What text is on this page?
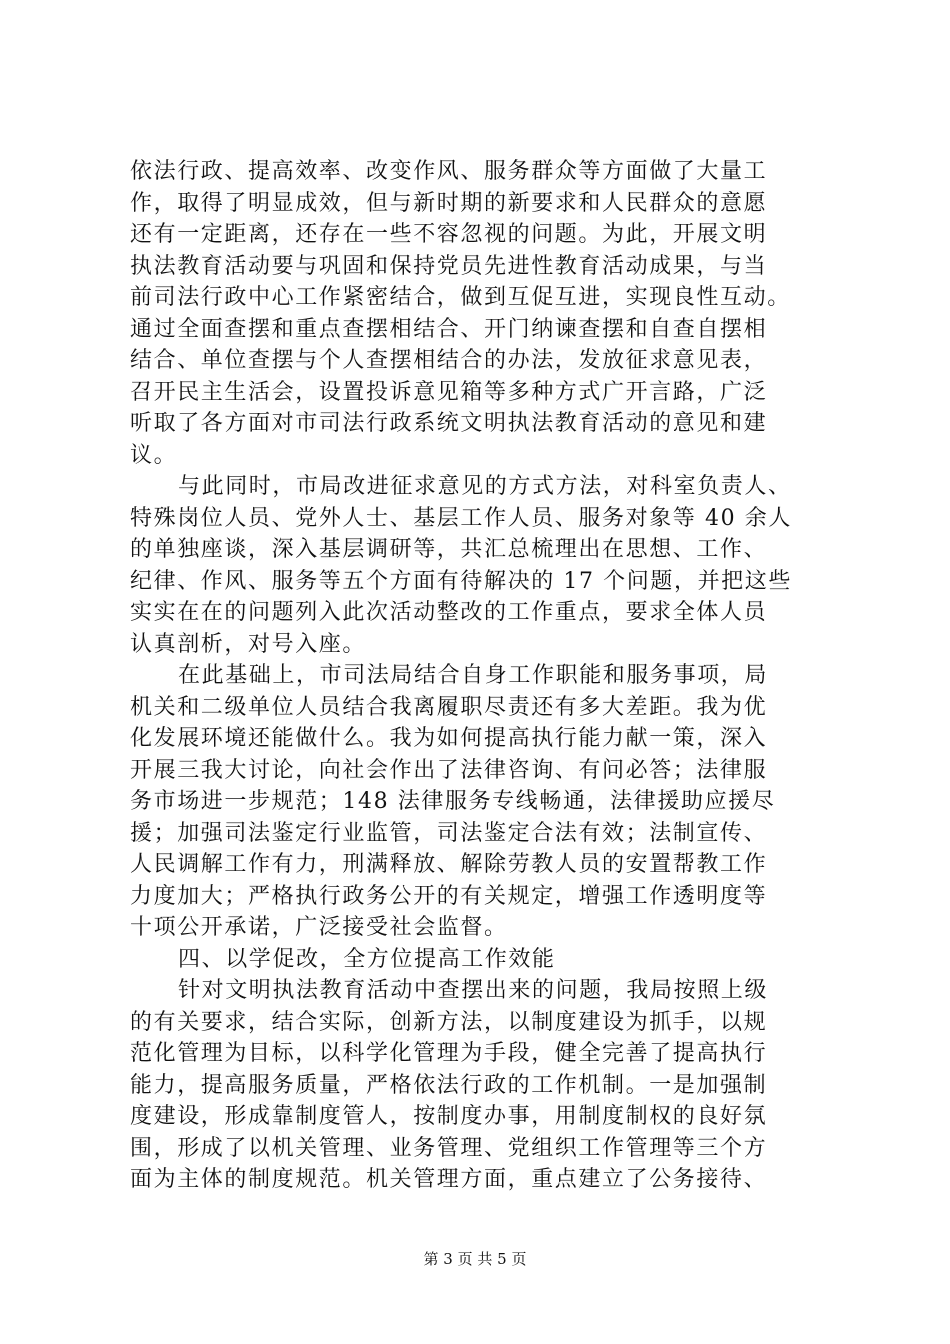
依法行政、提高效率、改变作风、服务群众等方面做了大量工
作，取得了明显成效，但与新时期的新要求和人民群众的意愿
还有一定距离，还存在一些不容忽视的问题。为此，开展文明
执法教育活动要与巩固和保持党员先进性教育活动成果，与当
前司法行政中心工作紧密结合，做到互促互进，实现良性互动。
通过全面查摆和重点查摆相结合、开门纳谏查摆和自查自摆相
结合、单位查摆与个人查摆相结合的办法，发放征求意见表，
召开民主生活会，设置投诉意见箱等多种方式广开言路，广泛
听取了各方面对市司法行政系统文明执法教育活动的意见和建
议。
与此同时，市局改进征求意见的方式方法，对科室负责人、
特殊岗位人员、党外人士、基层工作人员、服务对象等 40 余人
的单独座谈，深入基层调研等，共汇总梳理出在思想、工作、
纪律、作风、服务等五个方面有待解决的 17 个问题，并把这些
实实在在的问题列入此次活动整改的工作重点，要求全体人员
认真剖析，对号入座。
在此基础上，市司法局结合自身工作职能和服务事项，局
机关和二级单位人员结合我离履职尽责还有多大差距。我为优
化发展环境还能做什么。我为如何提高执行能力献一策，深入
开展三我大讨论，向社会作出了法律咨询、有问必答；法律服
务市场进一步规范；148 法律服务专线畅通，法律援助应援尽
援；加强司法鉴定行业监管，司法鉴定合法有效；法制宣传、
人民调解工作有力，刑满释放、解除劳教人员的安置帮教工作
力度加大；严格执行政务公开的有关规定，增强工作透明度等
十项公开承诺，广泛接受社会监督。
四、以学促改，全方位提高工作效能
针对文明执法教育活动中查摆出来的问题，我局按照上级
的有关要求，结合实际，创新方法，以制度建设为抓手，以规
范化管理为目标，以科学化管理为手段，健全完善了提高执行
能力，提高服务质量，严格依法行政的工作机制。一是加强制
度建设，形成靠制度管人，按制度办事，用制度制权的良好氛
围，形成了以机关管理、业务管理、党组织工作管理等三个方
面为主体的制度规范。机关管理方面，重点建立了公务接待、
第 3 页 共 5 页
